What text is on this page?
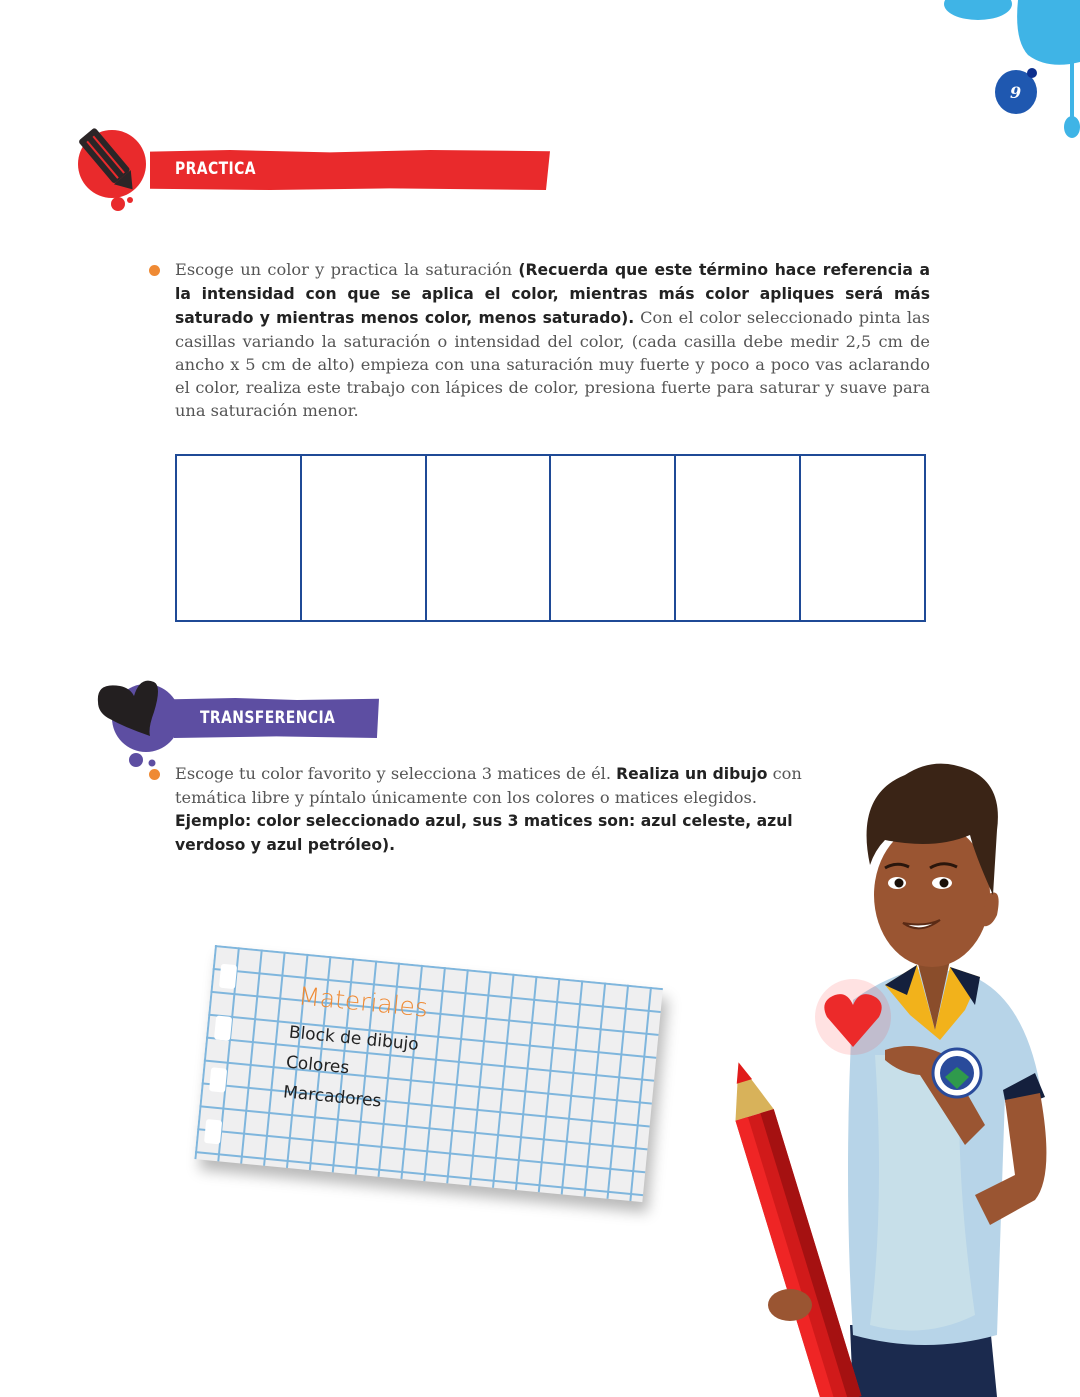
9
PRACTICA

Escoge un color y practica la saturación (Recuerda que este término hace referencia a la intensidad con que se aplica el color, mientras más color apliques será más saturado y mientras menos color, menos saturado). Con el color seleccionado pinta las casillas variando la saturación o intensidad del color, (cada casilla debe medir 2,5 cm de ancho x 5 cm de alto) empieza con una saturación muy fuerte y poco a poco vas aclarando el color, realiza este trabajo con lápices de color, presiona fuerte para saturar y suave para una saturación menor.

TRANSFERENCIA

Escoge tu color favorito y selecciona 3 matices de él. Realiza un dibujo con temática libre y píntalo únicamente con los colores o matices elegidos.
Ejemplo: color seleccionado azul, sus 3 matices son: azul celeste, azul verdoso y azul petróleo).

Materiales
Block de dibujo
Colores
Marcadores
